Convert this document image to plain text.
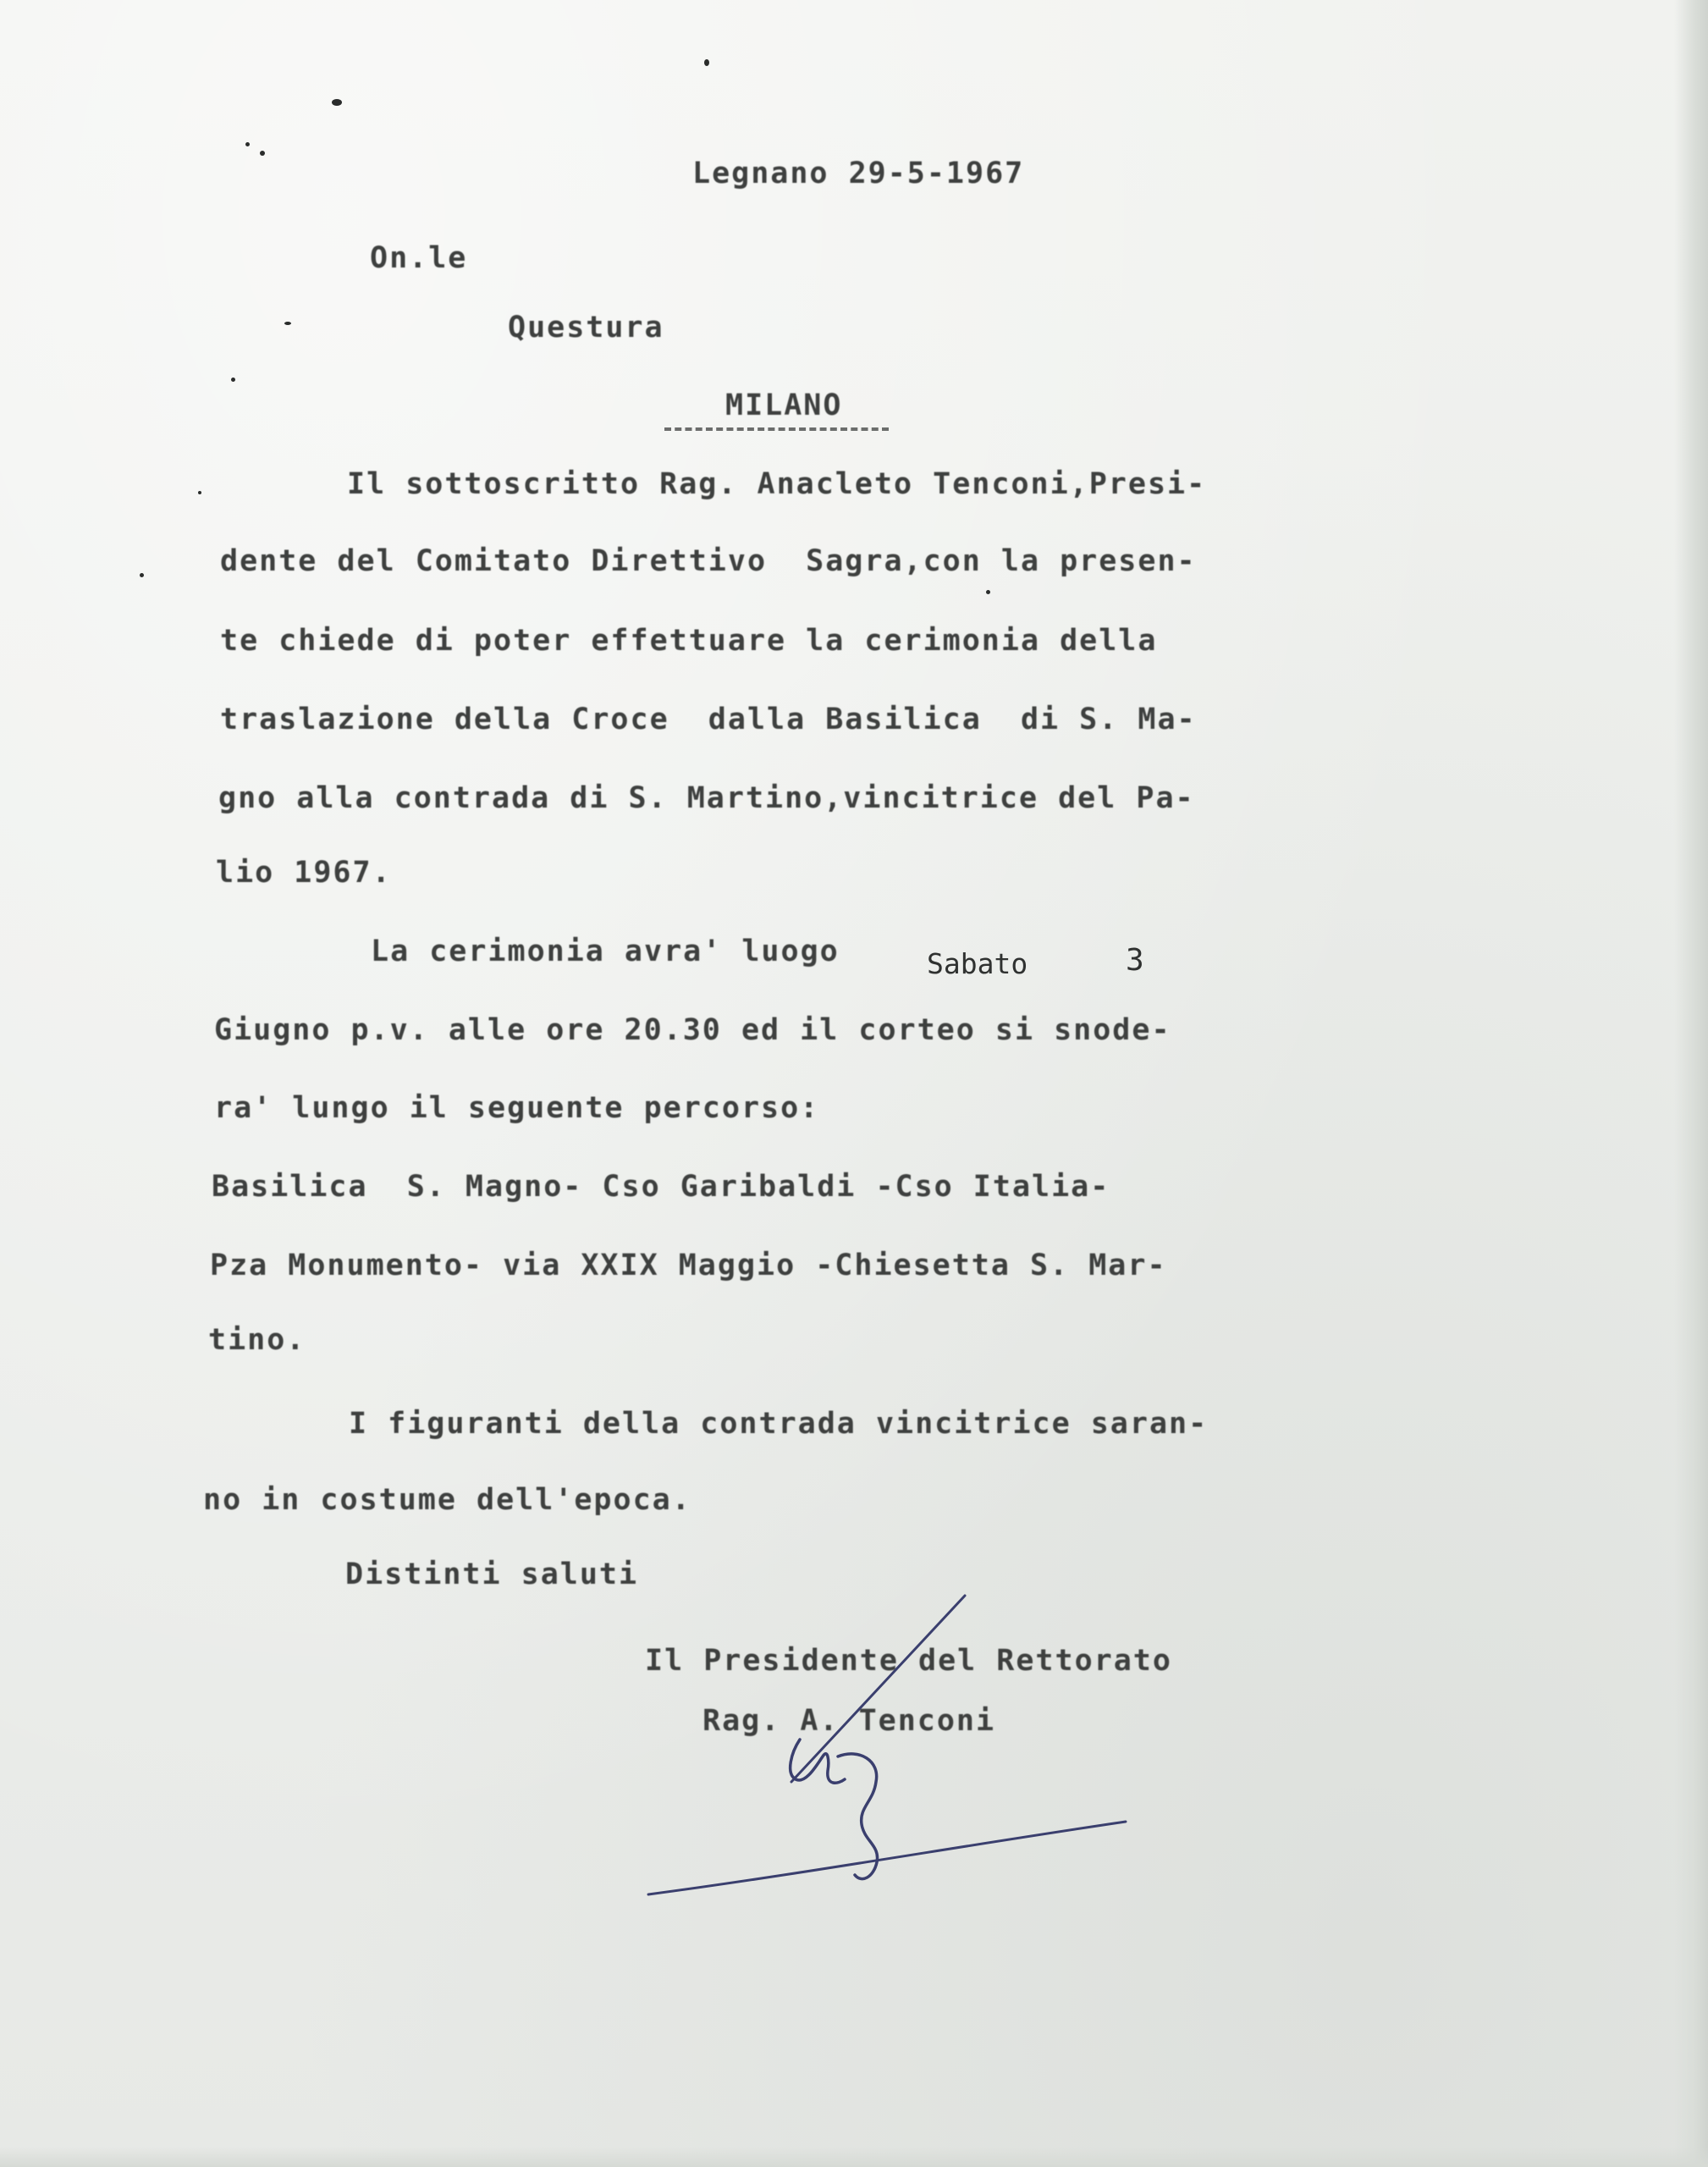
Legnano 29-5-1967
On.le
Questura
MILANO
Il sottoscritto Rag. Anacleto Tenconi,Presi-
dente del Comitato Direttivo  Sagra,con la presen-
te chiede di poter effettuare la cerimonia della
traslazione della Croce  dalla Basilica  di S. Ma-
gno alla contrada di S. Martino,vincitrice del Pa-
lio 1967.
La cerimonia avra' luogo	Sabato	3
Giugno p.v. alle ore 20.30 ed il corteo si snode-
ra' lungo il seguente percorso:
Basilica  S. Magno- Cso Garibaldi -Cso Italia-
Pza Monumento- via XXIX Maggio -Chiesetta S. Mar-
tino.
I figuranti della contrada vincitrice saran-
no in costume dell'epoca.
Distinti saluti
Il Presidente del Rettorato
Rag. A. Tenconi
